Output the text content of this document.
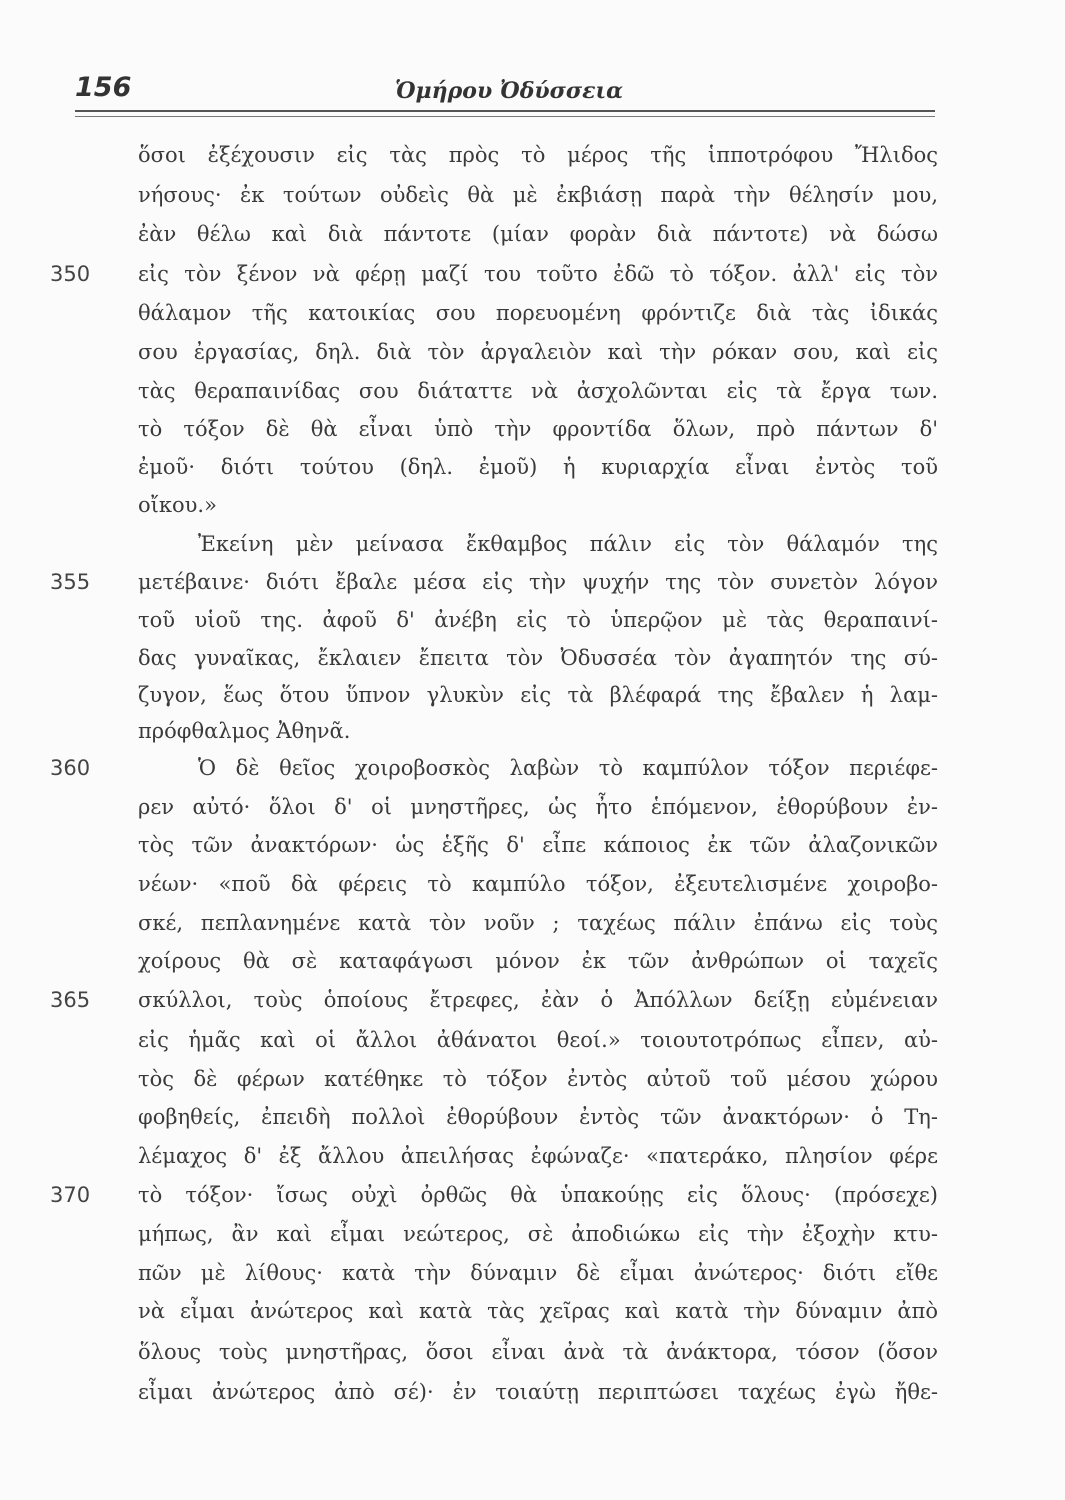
156	Ὁμήρου Ὀδύσσεια
350
355
360
365
370
ὅσοι ἐξέχουσιν εἰς τὰς πρὸς τὸ μέρος τῆς ἱπποτρόφου Ἤλιδος
νήσους· ἐκ τούτων οὐδεὶς θὰ μὲ ἐκβιάσῃ παρὰ τὴν θέλησίν μου,
ἐὰν θέλω καὶ διὰ πάντοτε (μίαν φορὰν διὰ πάντοτε) νὰ δώσω
εἰς τὸν ξένον νὰ φέρῃ μαζί του τοῦτο ἐδῶ τὸ τόξον. ἀλλ' εἰς τὸν
θάλαμον τῆς κατοικίας σου πορευομένη φρόντιζε διὰ τὰς ἰδικάς
σου ἐργασίας, δηλ. διὰ τὸν ἀργαλειὸν καὶ τὴν ρόκαν σου, καὶ εἰς
τὰς θεραπαινίδας σου διάταττε νὰ ἀσχολῶνται εἰς τὰ ἔργα των.
τὸ τόξον δὲ θὰ εἶναι ὑπὸ τὴν φροντίδα ὅλων, πρὸ πάντων δ'
ἐμοῦ· διότι τούτου (δηλ. ἐμοῦ) ἡ κυριαρχία εἶναι ἐντὸς τοῦ
οἴκου.»
Ἐκείνη μὲν μείνασα ἔκθαμβος πάλιν εἰς τὸν θάλαμόν της
μετέβαινε· διότι ἔβαλε μέσα εἰς τὴν ψυχήν της τὸν συνετὸν λόγον
τοῦ υἱοῦ της. ἀφοῦ δ' ἀνέβη εἰς τὸ ὑπερῷον μὲ τὰς θεραπαινί-
δας γυναῖκας, ἔκλαιεν ἔπειτα τὸν Ὀδυσσέα τὸν ἀγαπητόν της σύ-
ζυγον, ἕως ὅτου ὕπνον γλυκὺν εἰς τὰ βλέφαρά της ἔβαλεν ἡ λαμ-
πρόφθαλμος Ἀθηνᾶ.
Ὁ δὲ θεῖος χοιροβοσκὸς λαβὼν τὸ καμπύλον τόξον περιέφε-
ρεν αὐτό· ὅλοι δ' οἱ μνηστῆρες, ὡς ἦτο ἑπόμενον, ἐθορύβουν ἐν-
τὸς τῶν ἀνακτόρων· ὡς ἑξῆς δ' εἶπε κάποιος ἐκ τῶν ἀλαζονικῶν
νέων· «ποῦ δὰ φέρεις τὸ καμπύλο τόξον, ἐξευτελισμένε χοιροβο-
σκέ, πεπλανημένε κατὰ τὸν νοῦν ; ταχέως πάλιν ἐπάνω εἰς τοὺς
χοίρους θὰ σὲ καταφάγωσι μόνον ἐκ τῶν ἀνθρώπων οἱ ταχεῖς
σκύλλοι, τοὺς ὁποίους ἔτρεφες, ἐὰν ὁ Ἀπόλλων δείξῃ εὐμένειαν
εἰς ἡμᾶς καὶ οἱ ἄλλοι ἀθάνατοι θεοί.» τοιουτοτρόπως εἶπεν, αὐ-
τὸς δὲ φέρων κατέθηκε τὸ τόξον ἐντὸς αὐτοῦ τοῦ μέσου χώρου
φοβηθείς, ἐπειδὴ πολλοὶ ἐθορύβουν ἐντὸς τῶν ἀνακτόρων· ὁ Τη-
λέμαχος δ' ἐξ ἄλλου ἀπειλήσας ἐφώναζε· «πατεράκο, πλησίον φέρε
τὸ τόξον· ἴσως οὐχὶ ὀρθῶς θὰ ὑπακούῃς εἰς ὅλους· (πρόσεχε)
μήπως, ἂν καὶ εἶμαι νεώτερος, σὲ ἀποδιώκω εἰς τὴν ἐξοχὴν κτυ-
πῶν μὲ λίθους· κατὰ τὴν δύναμιν δὲ εἶμαι ἀνώτερος· διότι εἴθε
νὰ εἶμαι ἀνώτερος καὶ κατὰ τὰς χεῖρας καὶ κατὰ τὴν δύναμιν ἀπὸ
ὅλους τοὺς μνηστῆρας, ὅσοι εἶναι ἀνὰ τὰ ἀνάκτορα, τόσον (ὅσον
εἶμαι ἀνώτερος ἀπὸ σέ)· ἐν τοιαύτῃ περιπτώσει ταχέως ἐγὼ ἤθε-
